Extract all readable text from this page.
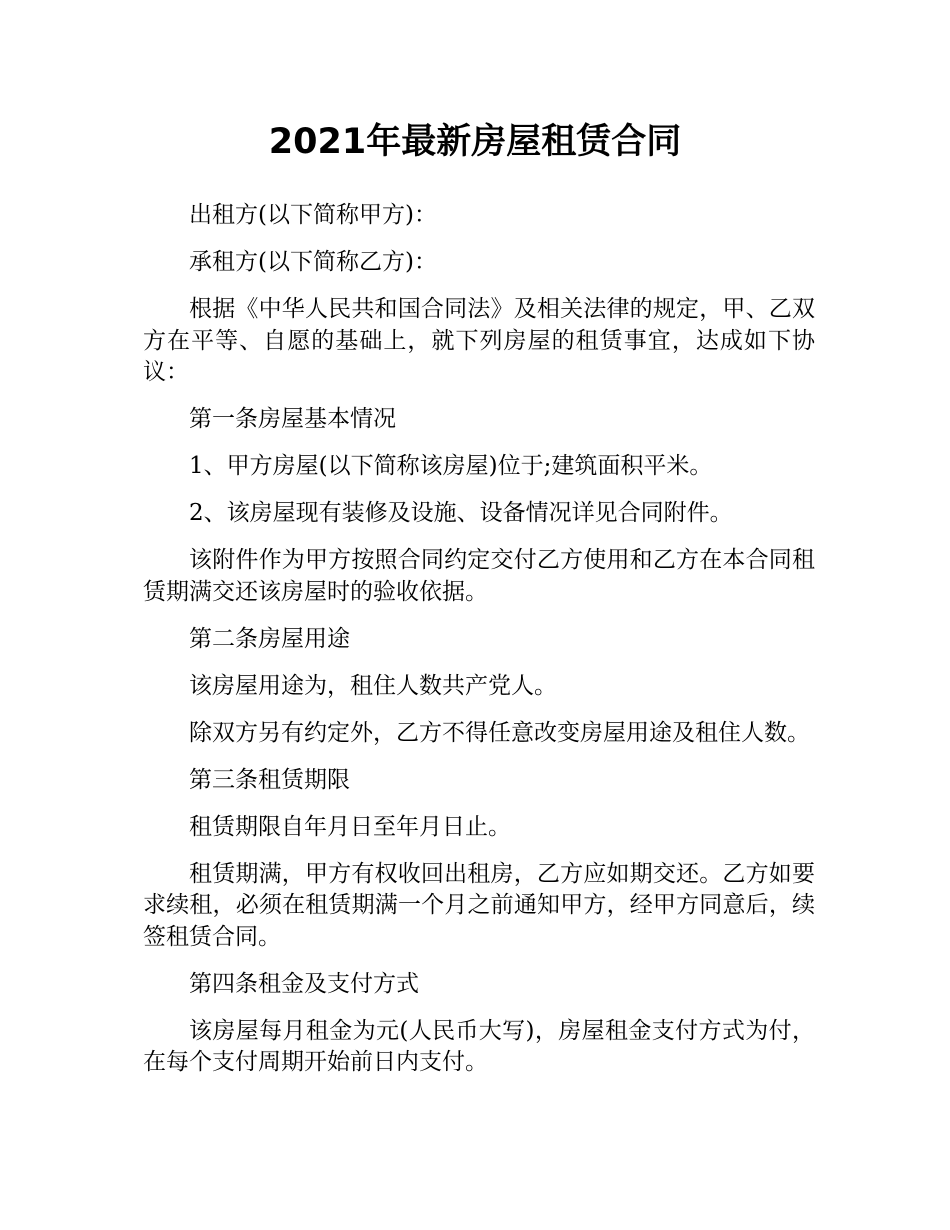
2021年最新房屋租赁合同

出租方(以下简称甲方)：

承租方(以下简称乙方)：

根据《中华人民共和国合同法》及相关法律的规定，甲、乙双方在平等、自愿的基础上，就下列房屋的租赁事宜，达成如下协议：

第一条房屋基本情况

1、甲方房屋(以下简称该房屋)位于;建筑面积平米。

2、该房屋现有装修及设施、设备情况详见合同附件。

该附件作为甲方按照合同约定交付乙方使用和乙方在本合同租赁期满交还该房屋时的验收依据。

第二条房屋用途

该房屋用途为，租住人数共产党人。

除双方另有约定外，乙方不得任意改变房屋用途及租住人数。

第三条租赁期限

租赁期限自年月日至年月日止。

租赁期满，甲方有权收回出租房，乙方应如期交还。乙方如要求续租，必须在租赁期满一个月之前通知甲方，经甲方同意后，续签租赁合同。

第四条租金及支付方式

该房屋每月租金为元(人民币大写)，房屋租金支付方式为付，在每个支付周期开始前日内支付。
